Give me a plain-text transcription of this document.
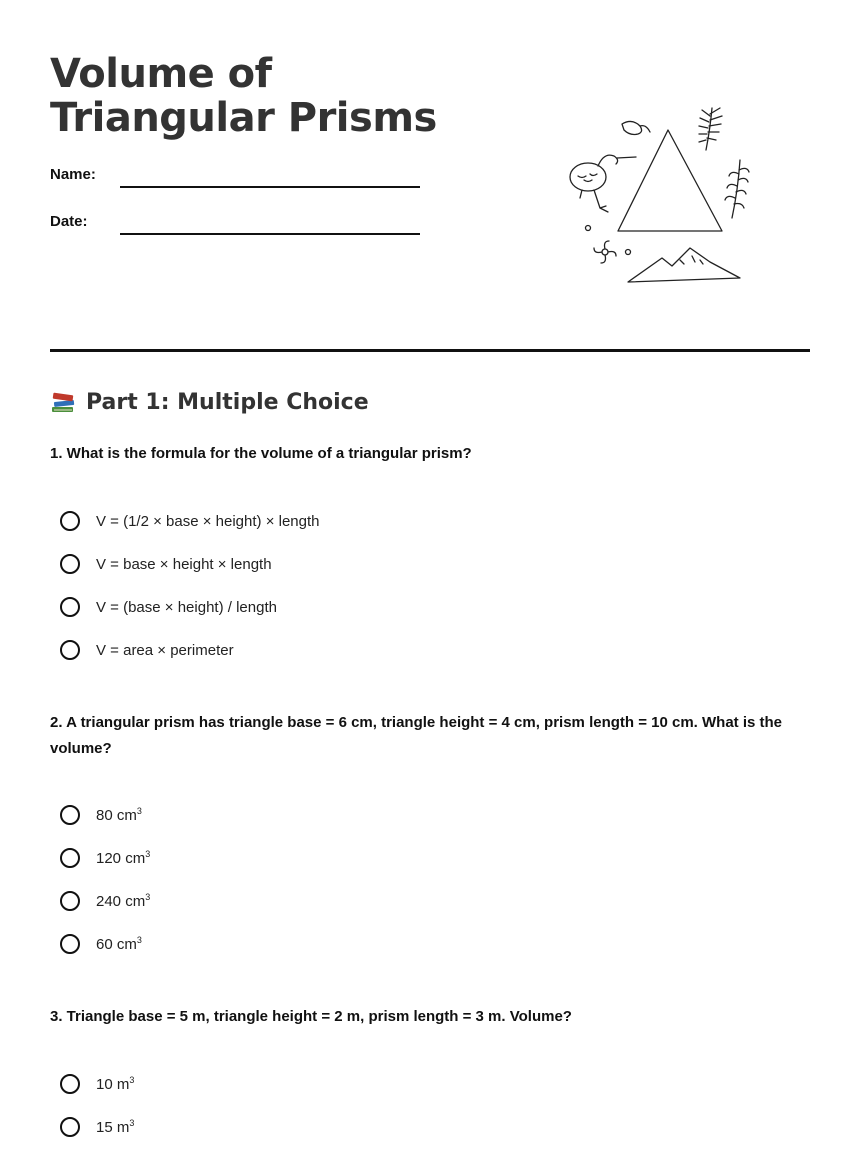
Volume of Triangular Prisms
Name:
Date:
Part 1: Multiple Choice

1. What is the formula for the volume of a triangular prism?

V = (1/2 × base × height) × length
V = base × height × length
V = (base × height) / length
V = area × perimeter

2. A triangular prism has triangle base = 6 cm, triangle height = 4 cm, prism length = 10 cm. What is the volume?

80 $cm^3$
120 $cm^3$
240 $cm^3$
60 $cm^3$

3. Triangle base = 5 m, triangle height = 2 m, prism length = 3 m. Volume?

10 $m^3$
15 $m^3$
